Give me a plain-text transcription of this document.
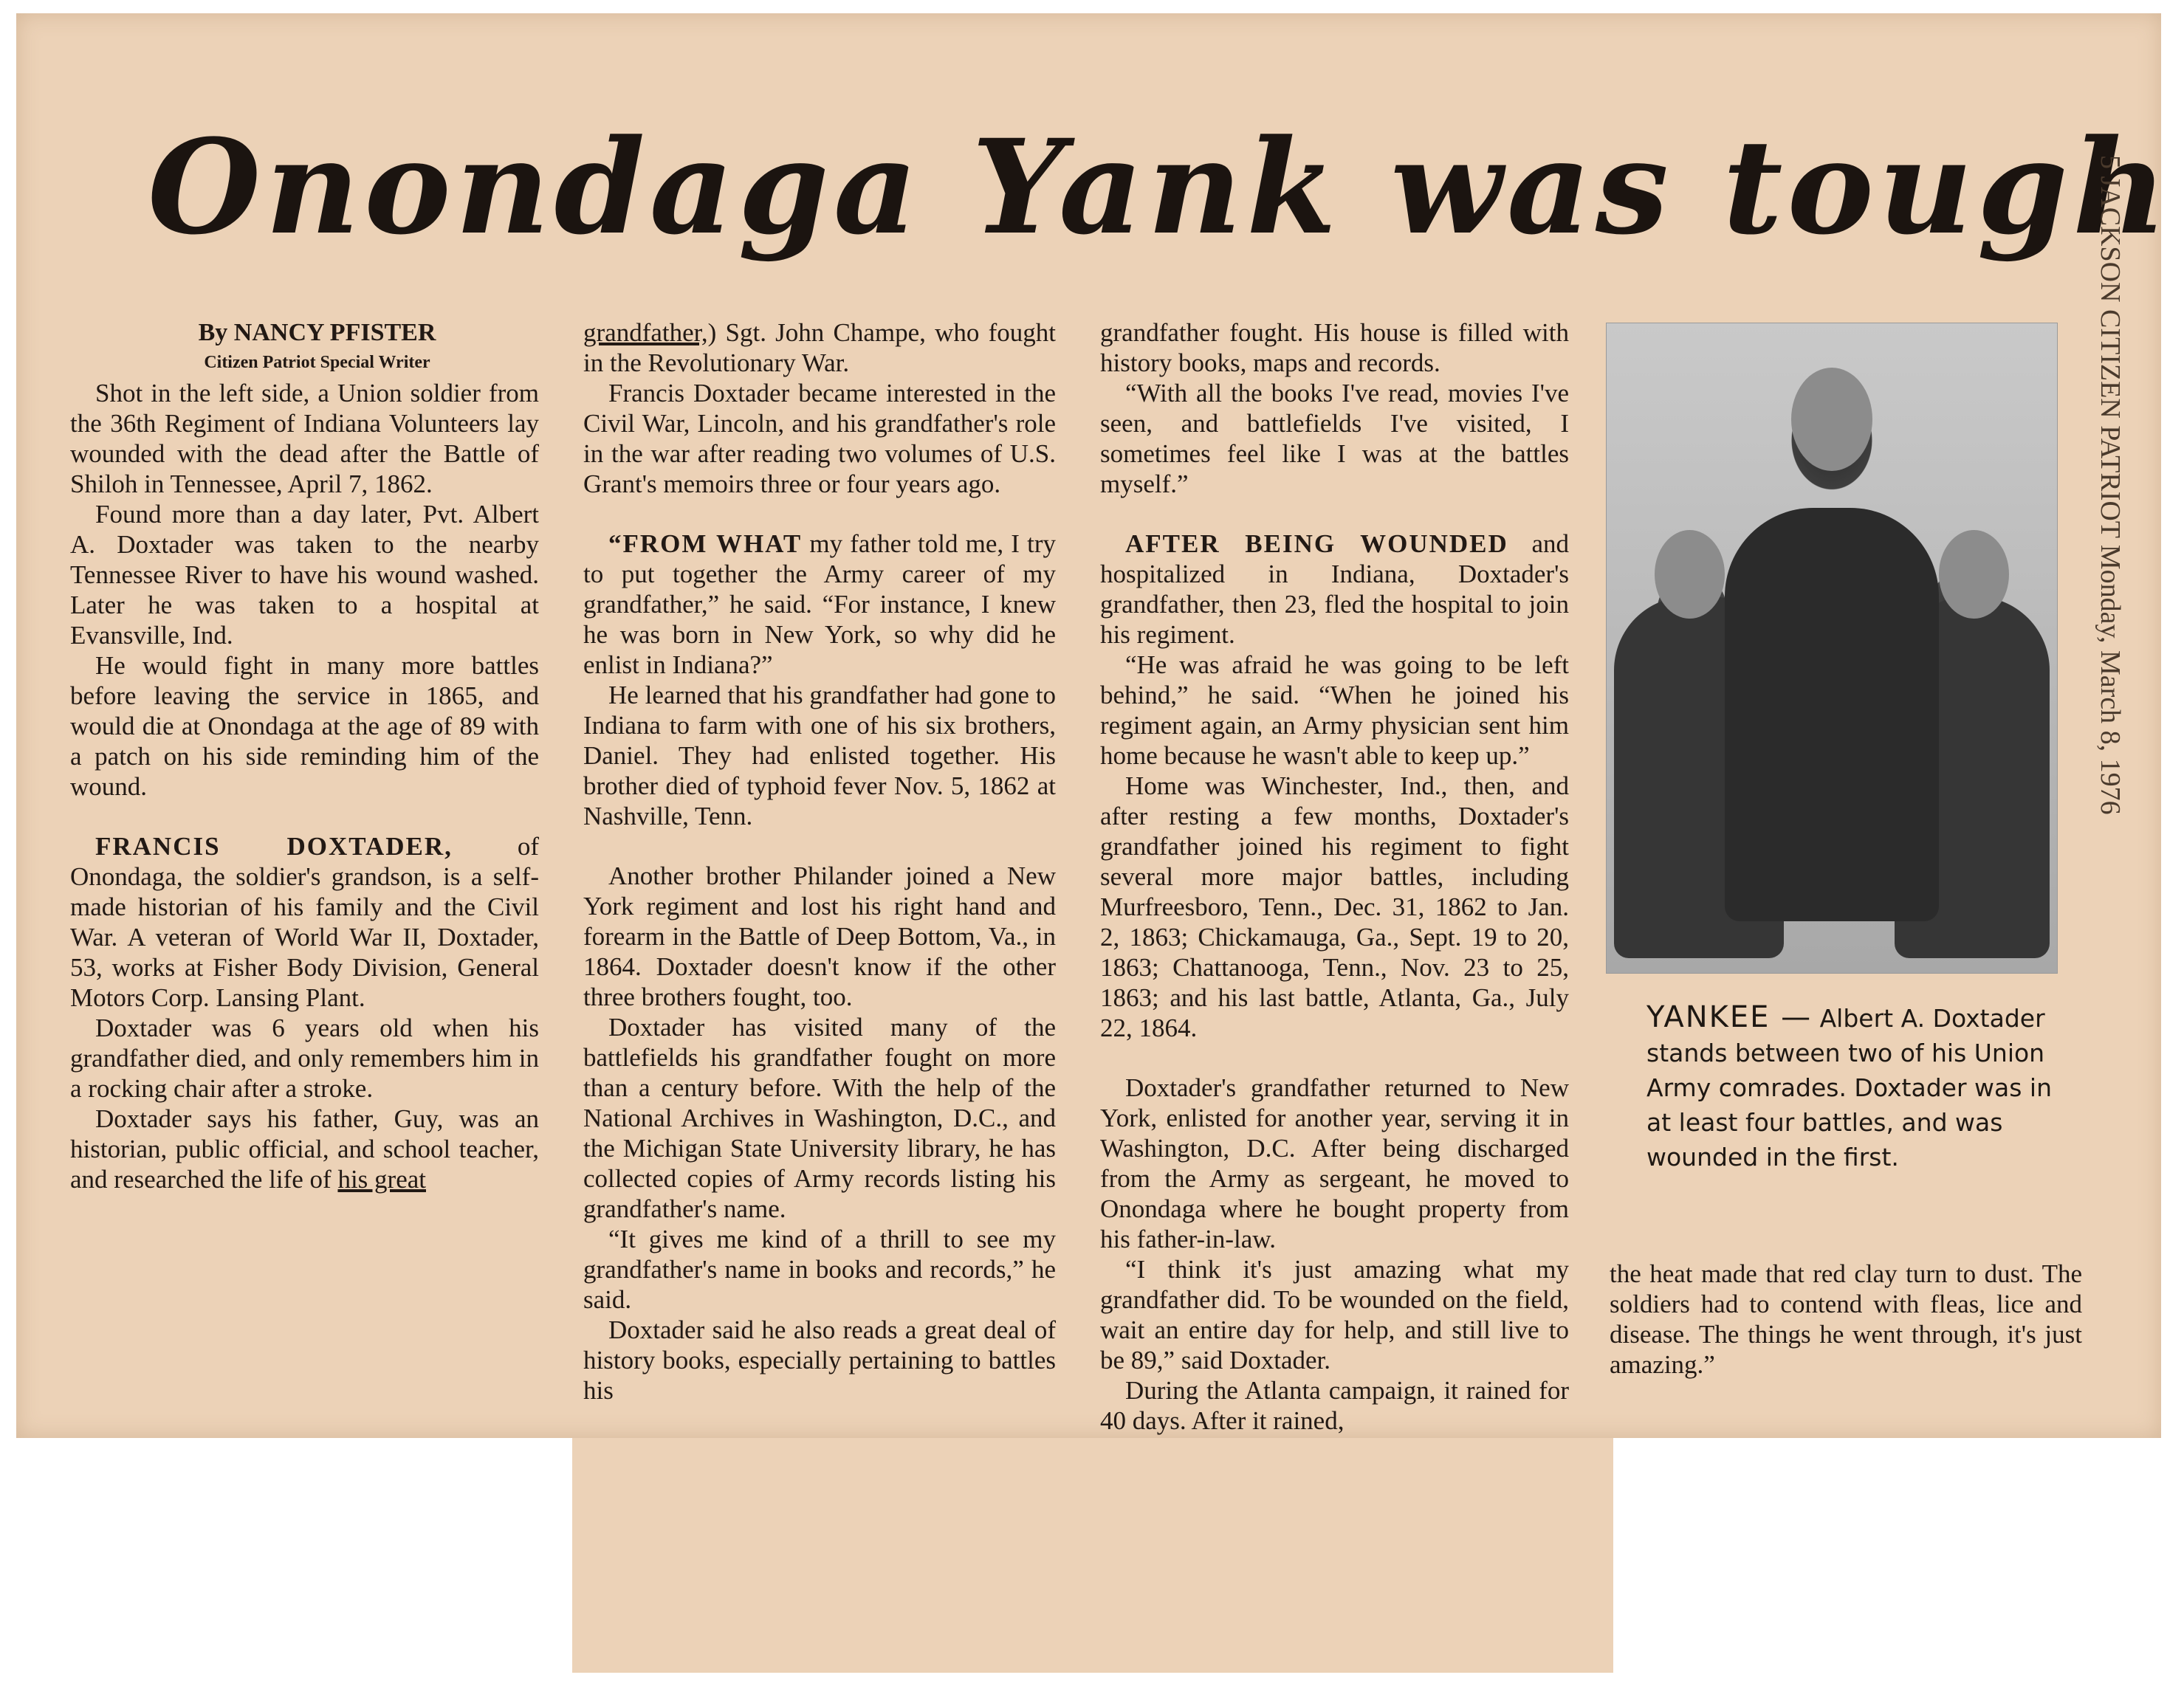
Onondaga Yank was tough
5 JACKSON CITIZEN PATRIOT Monday, March 8, 1976

By NANCY PFISTER

Citizen Patriot Special Writer

Shot in the left side, a Union soldier from the 36th Regiment of Indiana Volunteers lay wounded with the dead after the Battle of Shiloh in Tennessee, April 7, 1862.

Found more than a day later, Pvt. Albert A. Doxtader was taken to the nearby Tennessee River to have his wound washed. Later he was taken to a hospital at Evansville, Ind.

He would fight in many more battles before leaving the service in 1865, and would die at Onondaga at the age of 89 with a patch on his side reminding him of the wound.

FRANCIS DOXTADER, of Onondaga, the soldier's grandson, is a self-made historian of his family and the Civil War. A veteran of World War II, Doxtader, 53, works at Fisher Body Division, General Motors Corp. Lansing Plant.

Doxtader was 6 years old when his grandfather died, and only remembers him in a rocking chair after a stroke.

Doxtader says his father, Guy, was an historian, public official, and school teacher, and researched the life of his great

grandfather,) Sgt. John Champe, who fought in the Revolutionary War.

Francis Doxtader became interested in the Civil War, Lincoln, and his grandfather's role in the war after reading two volumes of U.S. Grant's memoirs three or four years ago.

“FROM WHAT my father told me, I try to put together the Army career of my grandfather,” he said. “For instance, I knew he was born in New York, so why did he enlist in Indiana?”

He learned that his grandfather had gone to Indiana to farm with one of his six brothers, Daniel. They had enlisted together. His brother died of typhoid fever Nov. 5, 1862 at Nashville, Tenn.

Another brother Philander joined a New York regiment and lost his right hand and forearm in the Battle of Deep Bottom, Va., in 1864. Doxtader doesn't know if the other three brothers fought, too.

Doxtader has visited many of the battlefields his grandfather fought on more than a century before. With the help of the National Archives in Washington, D.C., and the Michigan State University library, he has collected copies of Army records listing his grandfather's name.

“It gives me kind of a thrill to see my grandfather's name in books and records,” he said.

Doxtader said he also reads a great deal of history books, especially pertaining to battles his

grandfather fought. His house is filled with history books, maps and records.

“With all the books I've read, movies I've seen, and battlefields I've visited, I sometimes feel like I was at the battles myself.”

AFTER BEING WOUNDED and hospitalized in Indiana, Doxtader's grandfather, then 23, fled the hospital to join his regiment.

“He was afraid he was going to be left behind,” he said. “When he joined his regiment again, an Army physician sent him home because he wasn't able to keep up.”

Home was Winchester, Ind., then, and after resting a few months, Doxtader's grandfather joined his regiment to fight several more major battles, including Murfreesboro, Tenn., Dec. 31, 1862 to Jan. 2, 1863; Chickamauga, Ga., Sept. 19 to 20, 1863; Chattanooga, Tenn., Nov. 23 to 25, 1863; and his last battle, Atlanta, Ga., July 22, 1864.

Doxtader's grandfather returned to New York, enlisted for another year, serving it in Washington, D.C. After being discharged from the Army as sergeant, he moved to Onondaga where he bought property from his father-in-law.

“I think it's just amazing what my grandfather did. To be wounded on the field, wait an entire day for help, and still live to be 89,” said Doxtader.

During the Atlanta campaign, it rained for 40 days. After it rained,

YANKEE — Albert A. Doxtader stands between two of his Union Army comrades. Doxtader was in at least four battles, and was wounded in the first.

the heat made that red clay turn to dust. The soldiers had to contend with fleas, lice and disease. The things he went through, it's just amazing.”
